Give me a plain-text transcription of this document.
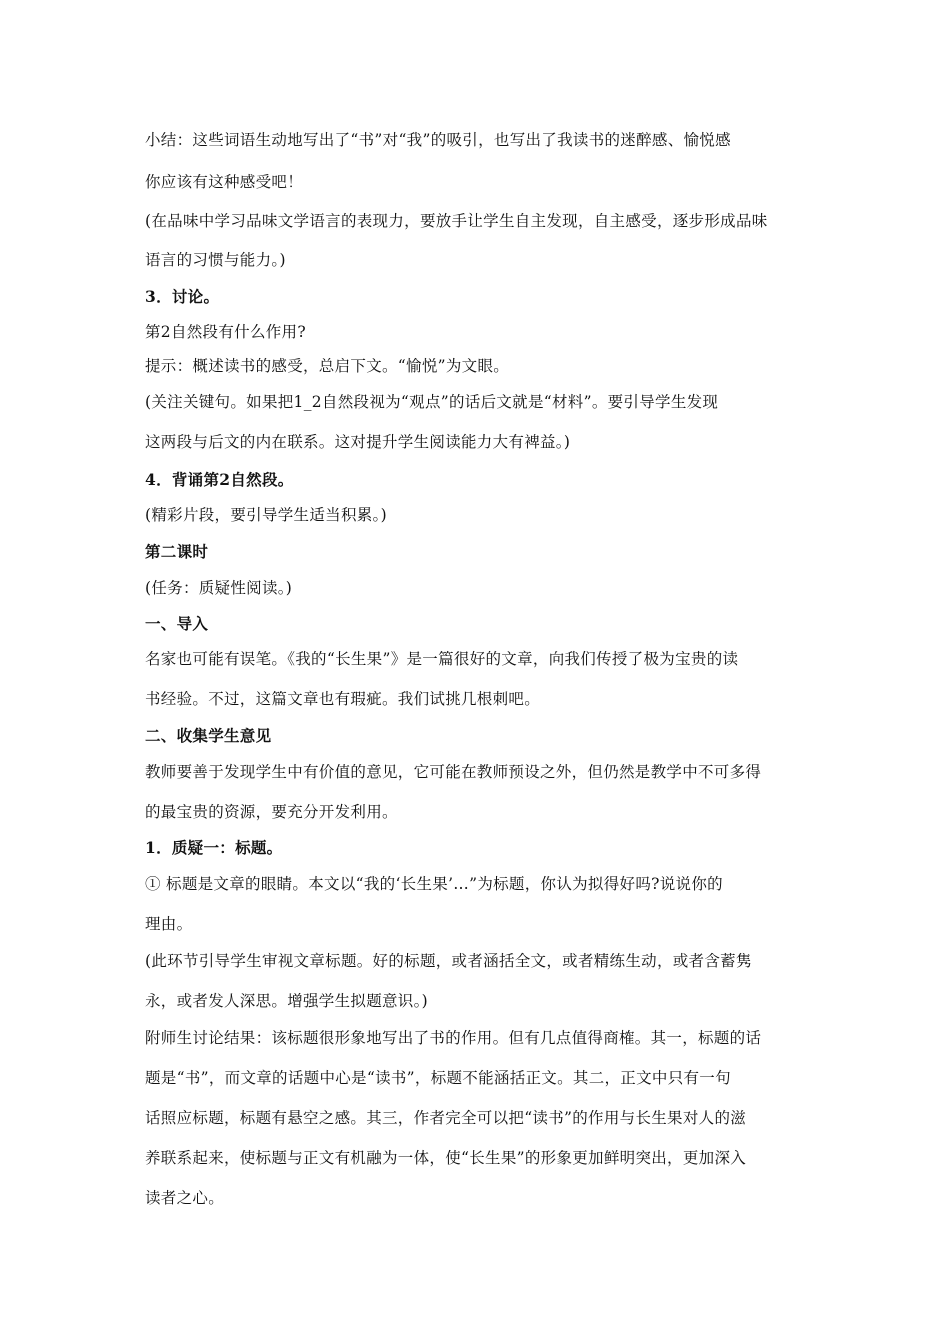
小结：这些词语生动地写出了“书”对“我”的吸引，也写出了我读书的迷醉感、愉悦感
你应该有这种感受吧！
(在品味中学习品味文学语言的表现力，要放手让学生自主发现，自主感受，逐步形成品味
语言的习惯与能力。)
3．讨论。
第2自然段有什么作用?
提示：概述读书的感受，总启下文。“愉悦”为文眼。
(关注关键句。如果把1_2自然段视为“观点”的话后文就是“材料”。要引导学生发现
这两段与后文的内在联系。这对提升学生阅读能力大有裨益。)
4．背诵第2自然段。
(精彩片段，要引导学生适当积累。)
第二课时
(任务：质疑性阅读。)
一、导入
名家也可能有误笔。《我的“长生果”》是一篇很好的文章，向我们传授了极为宝贵的读
书经验。不过，这篇文章也有瑕疵。我们试挑几根刺吧。
二、收集学生意见
教师要善于发现学生中有价值的意见，它可能在教师预设之外，但仍然是教学中不可多得
的最宝贵的资源，要充分开发利用。
1．质疑一：标题。
① 标题是文章的眼睛。本文以“我的‘长生果’…”为标题，你认为拟得好吗?说说你的
理由。
(此环节引导学生审视文章标题。好的标题，或者涵括全文，或者精练生动，或者含蓄隽
永，或者发人深思。增强学生拟题意识。)
附师生讨论结果：该标题很形象地写出了书的作用。但有几点值得商榷。其一，标题的话
题是“书”，而文章的话题中心是“读书”，标题不能涵括正文。其二，正文中只有一句
话照应标题，标题有悬空之感。其三，作者完全可以把“读书”的作用与长生果对人的滋
养联系起来，使标题与正文有机融为一体，使“长生果”的形象更加鲜明突出，更加深入
读者之心。
